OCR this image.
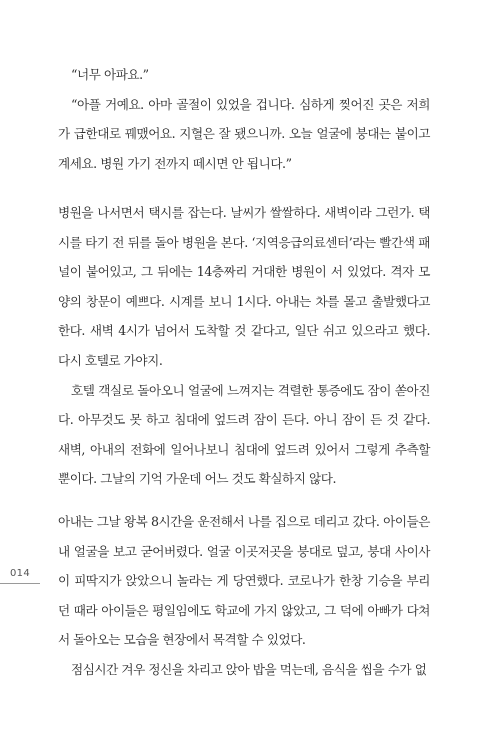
“너무 아파요.”

“아플 거예요. 아마 골절이 있었을 겁니다. 심하게 찢어진 곳은 저희가 급한대로 꿰맸어요. 지혈은 잘 됐으니까. 오늘 얼굴에 붕대는 붙이고 계세요. 병원 가기 전까지 떼시면 안 됩니다.”

병원을 나서면서 택시를 잡는다. 날씨가 쌀쌀하다. 새벽이라 그런가. 택시를 타기 전 뒤를 돌아 병원을 본다. ‘지역응급의료센터’라는 빨간색 패널이 붙어있고, 그 뒤에는 14층짜리 거대한 병원이 서 있었다. 격자 모양의 창문이 예쁘다. 시계를 보니 1시다. 아내는 차를 몰고 출발했다고 한다. 새벽 4시가 넘어서 도착할 것 같다고, 일단 쉬고 있으라고 했다. 다시 호텔로 가야지.

호텔 객실로 돌아오니 얼굴에 느껴지는 격렬한 통증에도 잠이 쏟아진다. 아무것도 못 하고 침대에 엎드려 잠이 든다. 아니 잠이 든 것 같다. 새벽, 아내의 전화에 일어나보니 침대에 엎드려 있어서 그렇게 추측할 뿐이다. 그날의 기억 가운데 어느 것도 확실하지 않다.

아내는 그날 왕복 8시간을 운전해서 나를 집으로 데리고 갔다. 아이들은 내 얼굴을 보고 굳어버렸다. 얼굴 이곳저곳을 붕대로 덮고, 붕대 사이사이 피딱지가 앉았으니 놀라는 게 당연했다. 코로나가 한창 기승을 부리던 때라 아이들은 평일임에도 학교에 가지 않았고, 그 덕에 아빠가 다쳐서 돌아오는 모습을 현장에서 목격할 수 있었다.

점심시간 겨우 정신을 차리고 앉아 밥을 먹는데, 음식을 씹을 수가 없

014
